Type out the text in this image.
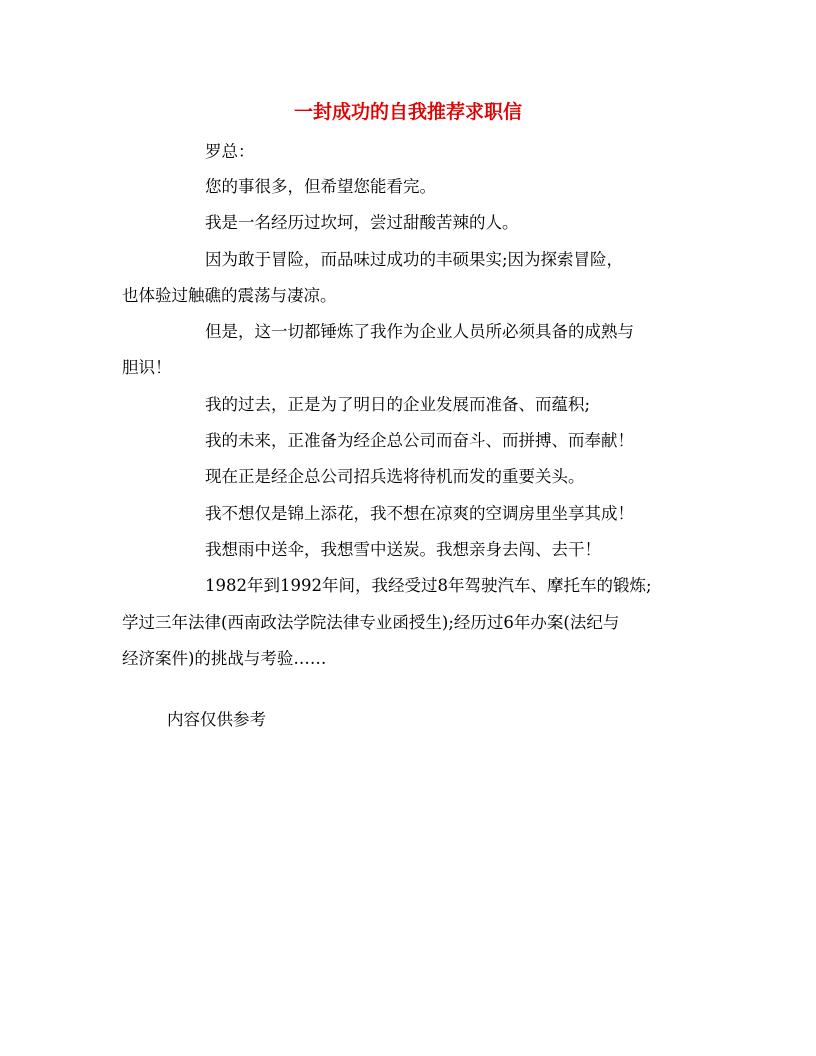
一封成功的自我推荐求职信
罗总：
您的事很多，但希望您能看完。
我是一名经历过坎坷，尝过甜酸苦辣的人。
因为敢于冒险，而品味过成功的丰硕果实;因为探索冒险，
也体验过触礁的震荡与凄凉。
但是，这一切都锤炼了我作为企业人员所必须具备的成熟与
胆识！
我的过去，正是为了明日的企业发展而准备、而蕴积;
我的未来，正准备为经企总公司而奋斗、而拼搏、而奉献！
现在正是经企总公司招兵选将待机而发的重要关头。
我不想仅是锦上添花，我不想在凉爽的空调房里坐享其成！
我想雨中送伞，我想雪中送炭。我想亲身去闯、去干！
1982年到1992年间，我经受过8年驾驶汽车、摩托车的锻炼;
学过三年法律(西南政法学院法律专业函授生);经历过6年办案(法纪与
经济案件)的挑战与考验……
内容仅供参考
